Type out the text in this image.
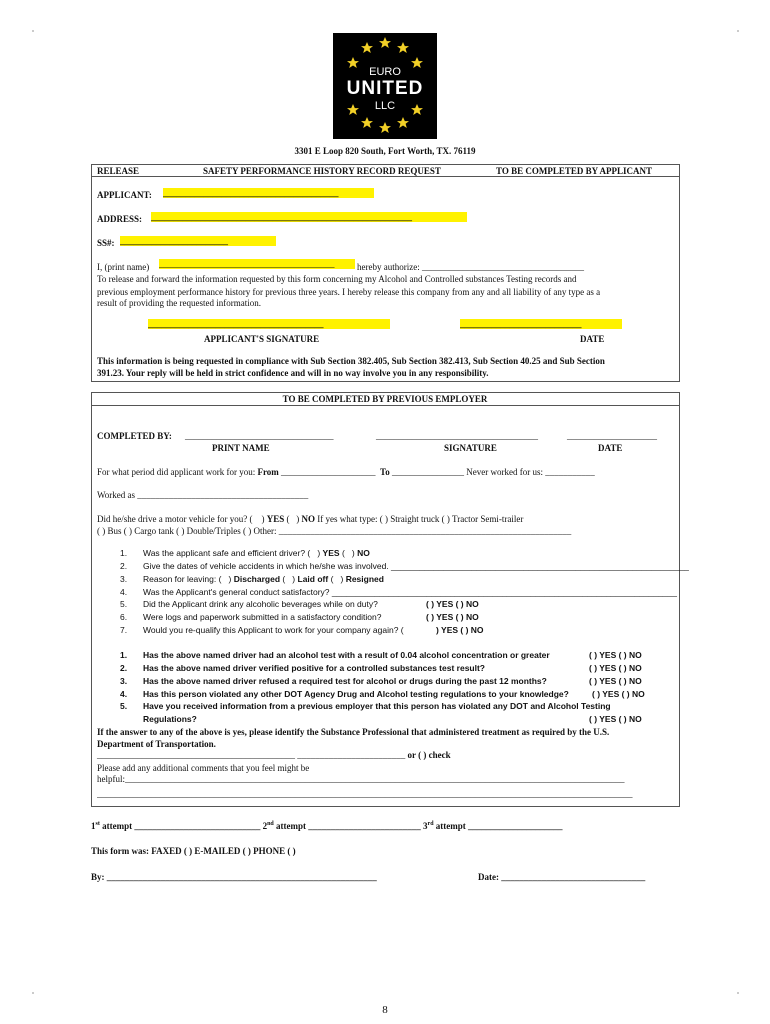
EURO
UNITED
LLC
3301 E Loop 820 South, Fort Worth, TX. 76119
RELEASE	SAFETY PERFORMANCE HISTORY RECORD REQUEST	TO BE COMPLETED BY APPLICANT
APPLICANT: _______________________________________
ADDRESS: __________________________________________________________
SS#: ________________________
I, (print name) _______________________________________	hereby authorize: ____________________________________
To release and forward the information requested by this form concerning my Alcohol and Controlled substances Testing records and
previous employment performance history for previous three years. I hereby release this company from any and all liability of any type as a
result of providing the requested information.
_______________________________________	___________________________
APPLICANT'S SIGNATURE	DATE
This information is being requested in compliance with Sub Section 382.405, Sub Section 382.413, Sub Section 40.25 and Sub Section
391.23. Your reply will be held in strict confidence and will in no way involve you in any responsibility.
TO BE COMPLETED BY PREVIOUS EMPLOYER
COMPLETED BY: _________________________________	____________________________________	____________________
PRINT NAME	SIGNATURE	DATE
For what period did applicant work for you: From _____________________ To ________________ Never worked for us: ___________
Worked as ______________________________________
Did he/she drive a motor vehicle for you? (    ) YES (   ) NO If yes what type: ( ) Straight truck ( ) Tractor Semi-trailer
( ) Bus ( ) Cargo tank ( ) Double/Triples ( ) Other: _________________________________________________________________
1. Was the applicant safe and efficient driver? (   ) YES (   ) NO
2. Give the dates of vehicle accidents in which he/she was involved. _______________________________________________________________
3. Reason for leaving: (   ) Discharged (   ) Laid off (   ) Resigned
4. Was the Applicant's general conduct satisfactory? _________________________________________________________________________
5. Did the Applicant drink any alcoholic beverages while on duty?	( ) YES ( ) NO
6. Were logs and paperwork submitted in a satisfactory condition?	( ) YES ( ) NO
7. Would you re-qualify this Applicant to work for your company again? (	) YES ( ) NO
1. Has the above named driver had an alcohol test with a result of 0.04 alcohol concentration or greater	( ) YES ( ) NO
2. Has the above named driver verified positive for a controlled substances test result?	( ) YES ( ) NO
3. Has the above named driver refused a required test for alcohol or drugs during the past 12 months?	( ) YES ( ) NO
4. Has this person violated any other DOT Agency Drug and Alcohol testing regulations to your knowledge?	( ) YES ( ) NO
5. Have you received information from a previous employer that this person has violated any DOT and Alcohol Testing
Regulations?	( ) YES ( ) NO
If the answer to any of the above is yes, please identify the Substance Professional that administered treatment as required by the U.S.
Department of Transportation.
____________________________________________ ________________________ or ( ) check
Please add any additional comments that you feel might be
helpful:_______________________________________________________________________________________________________________
_______________________________________________________________________________________________________________________
1st attempt ____________________________ 2nd attempt _________________________ 3rd attempt _____________________
This form was: FAXED ( ) E-MAILED ( ) PHONE ( )
By: ____________________________________________________________	Date: ________________________________
8
